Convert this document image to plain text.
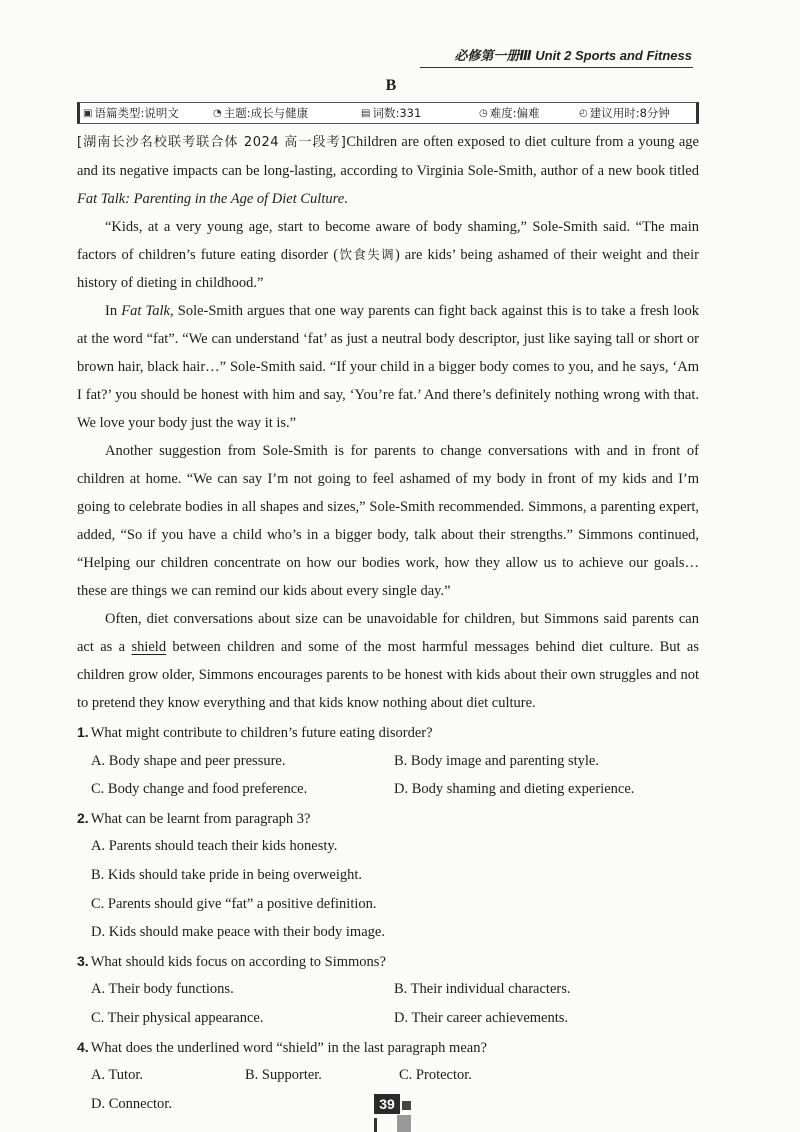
必修第一册Ⅲ Unit 2 Sports and Fitness
B
▣ 语篇类型:说明文	◔ 主题:成长与健康	▤ 词数:331	◷ 难度:偏难	◴ 建议用时:8分钟

[湖南长沙名校联考联合体 2024 高一段考]Children are often exposed to diet culture from a young age and its negative impacts can be long-lasting, according to Virginia Sole-Smith, author of a new book titled Fat Talk: Parenting in the Age of Diet Culture.

“Kids, at a very young age, start to become aware of body shaming,” Sole-Smith said. “The main factors of children’s future eating disorder (饮食失调) are kids’ being ashamed of their weight and their history of dieting in childhood.”

In Fat Talk, Sole-Smith argues that one way parents can fight back against this is to take a fresh look at the word “fat”. “We can understand ‘fat’ as just a neutral body descriptor, just like saying tall or short or brown hair, black hair…” Sole-Smith said. “If your child in a bigger body comes to you, and he says, ‘Am I fat?’ you should be honest with him and say, ‘You’re fat.’ And there’s definitely nothing wrong with that. We love your body just the way it is.”

Another suggestion from Sole-Smith is for parents to change conversations with and in front of children at home. “We can say I’m not going to feel ashamed of my body in front of my kids and I’m going to celebrate bodies in all shapes and sizes,” Sole-Smith recommended. Simmons, a parenting expert, added, “So if you have a child who’s in a bigger body, talk about their strengths.” Simmons continued, “Helping our children concentrate on how our bodies work, how they allow us to achieve our goals… these are things we can remind our kids about every single day.”

Often, diet conversations about size can be unavoidable for children, but Simmons said parents can act as a shield between children and some of the most harmful messages behind diet culture. But as children grow older, Simmons encourages parents to be honest with kids about their own struggles and not to pretend they know everything and that kids know nothing about diet culture.

1. What might contribute to children’s future eating disorder?
A. Body shape and peer pressure.	B. Body image and parenting style.
C. Body change and food preference.	D. Body shaming and dieting experience.
2. What can be learnt from paragraph 3?
A. Parents should teach their kids honesty.
B. Kids should take pride in being overweight.
C. Parents should give “fat” a positive definition.
D. Kids should make peace with their body image.
3. What should kids focus on according to Simmons?
A. Their body functions.	B. Their individual characters.
C. Their physical appearance.	D. Their career achievements.
4. What does the underlined word “shield” in the last paragraph mean?
A. Tutor.	B. Supporter.	C. Protector.
D. Connector.	39
